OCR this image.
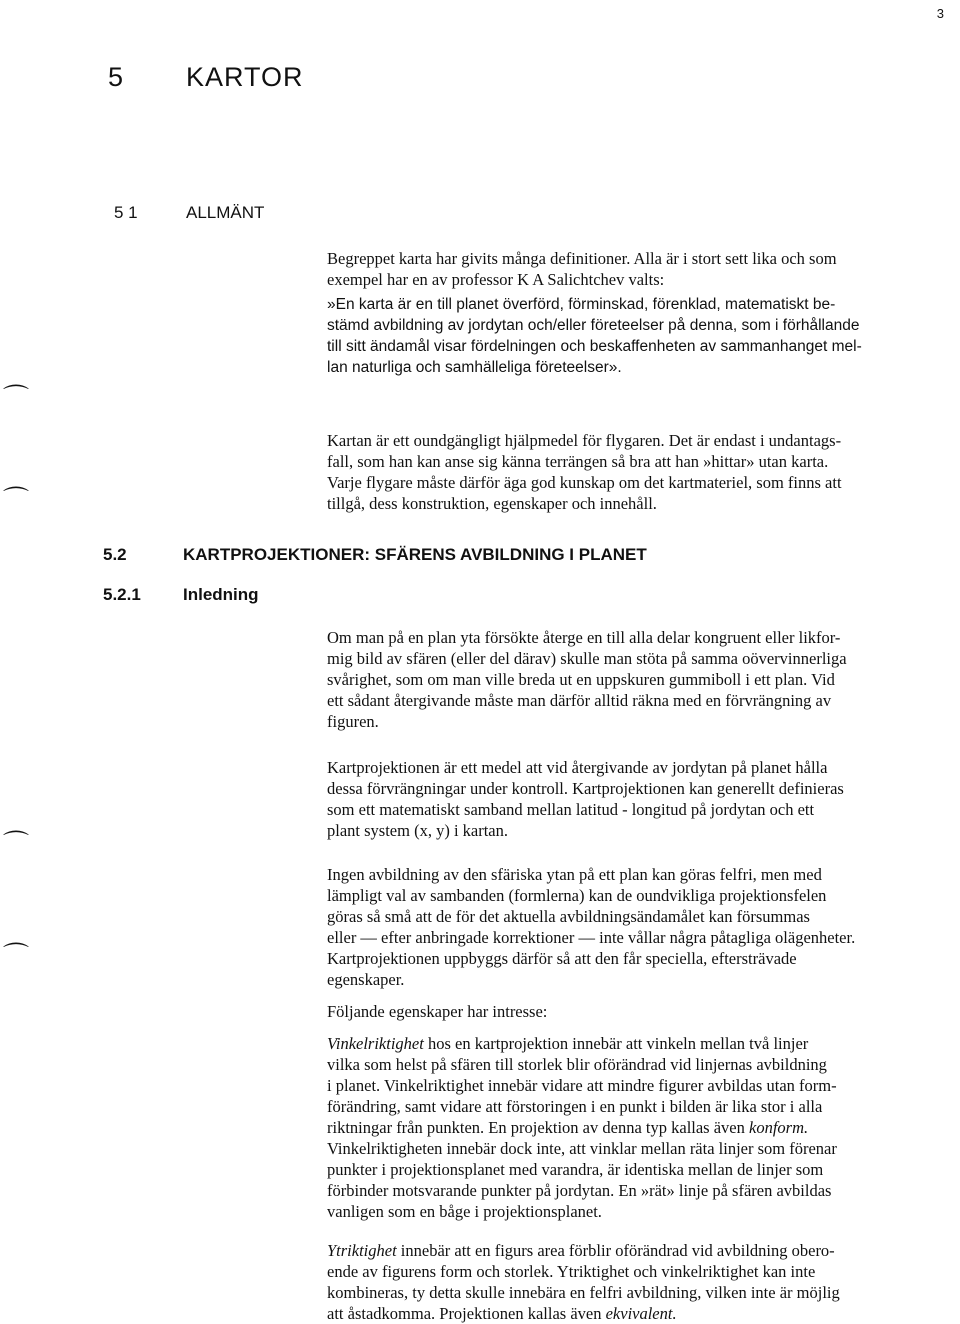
3
5 KARTOR
5 1	ALLMÄNT

Begreppet karta har givits många definitioner. Alla är i stort sett lika och som

exempel har en av professor K A Salichtchev valts:

»En karta är en till planet överförd, förminskad, förenklad, matematiskt be-

stämd avbildning av jordytan och/eller företeelser på denna, som i förhållande

till sitt ändamål visar fördelningen och beskaffenheten av sammanhanget mel-

lan naturliga och samhälleliga företeelser».

Kartan är ett oundgängligt hjälpmedel för flygaren. Det är endast i undantags-

fall, som han kan anse sig känna terrängen så bra att han »hittar» utan karta.

Varje flygare måste därför äga god kunskap om det kartmateriel, som finns att

tillgå, dess konstruktion, egenskaper och innehåll.

5.2	KARTPROJEKTIONER: SFÄRENS AVBILDNING I PLANET
5.2.1 Inledning

Om man på en plan yta försökte återge en till alla delar kongruent eller likfor-

mig bild av sfären (eller del därav) skulle man stöta på samma oövervinnerliga

svårighet, som om man ville breda ut en uppskuren gummiboll i ett plan. Vid

ett sådant återgivande måste man därför alltid räkna med en förvrängning av

figuren.

Kartprojektionen är ett medel att vid återgivande av jordytan på planet hålla

dessa förvrängningar under kontroll. Kartprojektionen kan generellt definieras

som ett matematiskt samband mellan latitud - longitud på jordytan och ett

plant system (x, y) i kartan.

Ingen avbildning av den sfäriska ytan på ett plan kan göras felfri, men med

lämpligt val av sambanden (formlerna) kan de oundvikliga projektionsfelen

göras så små att de för det aktuella avbildningsändamålet kan försummas

eller — efter anbringade korrektioner — inte vållar några påtagliga olägenheter.

Kartprojektionen uppbyggs därför så att den får speciella, eftersträvade

egenskaper.

Följande egenskaper har intresse:

Vinkelriktighet hos en kartprojektion innebär att vinkeln mellan två linjer

vilka som helst på sfären till storlek blir oförändrad vid linjernas avbildning

i planet. Vinkelriktighet innebär vidare att mindre figurer avbildas utan form-

förändring, samt vidare att förstoringen i en punkt i bilden är lika stor i alla

riktningar från punkten. En projektion av denna typ kallas även konform.

Vinkelriktigheten innebär dock inte, att vinklar mellan räta linjer som förenar

punkter i projektionsplanet med varandra, är identiska mellan de linjer som

förbinder motsvarande punkter på jordytan. En »rät» linje på sfären avbildas

vanligen som en båge i projektionsplanet.

Ytriktighet innebär att en figurs area förblir oförändrad vid avbildning obero-

ende av figurens form och storlek. Ytriktighet och vinkelriktighet kan inte

kombineras, ty detta skulle innebära en felfri avbildning, vilken inte är möjlig

att åstadkomma. Projektionen kallas även ekvivalent.

⌒
⌒
⌒
⌒
